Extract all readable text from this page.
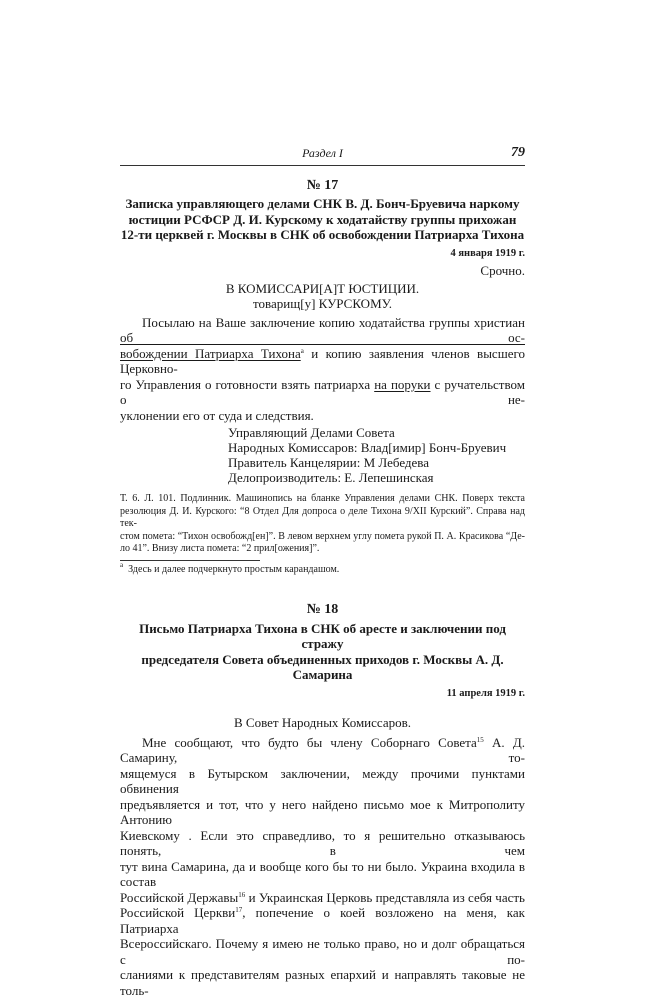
Раздел I	79
№ 17
Записка управляющего делами СНК В. Д. Бонч-Бруевича наркому
юстиции РСФСР Д. И. Курскому к ходатайству группы прихожан
12-ти церквей г. Москвы в СНК об освобождении Патриарха Тихона
4 января 1919 г.
Срочно.
В КОМИССАРИ[А]Т ЮСТИЦИИ.
товарищ[у] КУРСКОМУ.
Посылаю на Ваше заключение копию ходатайства группы христиан об ос-
вобождении Патриарха Тихона$^a$ и копию заявления членов высшего Церковно-
го Управления о готовности взять патриарха на поруки с ручательством о не-
уклонении его от суда и следствия.
Управляющий Делами Совета
Народных Комиссаров: Влад[имир] Бонч-Бруевич
Правитель Канцелярии: М Лебедева
Делопроизводитель: Е. Лепешинская
Т. 6. Л. 101. Подлинник. Машинопись на бланке Управления делами СНК. Поверх текста
резолюция Д. И. Курского: “8 Отдел Для допроса о деле Тихона 9/XII Курский”. Справа над тек-
стом помета: “Тихон освобожд[ен]”. В левом верхнем углу помета рукой П. А. Красикова “Де-
ло 41”. Внизу листа помета: “2 прил[ожения]”.
$^a$ Здесь и далее подчеркнуто простым карандашом.
№ 18
Письмо Патриарха Тихона в СНК об аресте и заключении под стражу
председателя Совета объединенных приходов г. Москвы А. Д. Самарина
11 апреля 1919 г.
В Совет Народных Комиссаров.
Мне сообщают, что будто бы члену Соборнаго Совета$^{15}$ А. Д. Самарину, то-
мящемуся в Бутырском заключении, между прочими пунктами обвинения
предъявляется и тот, что у него найдено письмо мое к Митрополиту Антонию
Киевскому . Если это справедливо, то я решительно отказываюсь понять, в чем
тут вина Самарина, да и вообще кого бы то ни было. Украина входила в состав
Российской Державы$^{16}$ и Украинская Церковь представляла из себя часть
Российской Церкви$^{17}$, попечение о коей возложено на меня, как Патриарха
Всероссийскаго. Почему я имею не только право, но и долг обращаться с по-
сланиями к представителям разных епархий и направлять таковые не толь-
